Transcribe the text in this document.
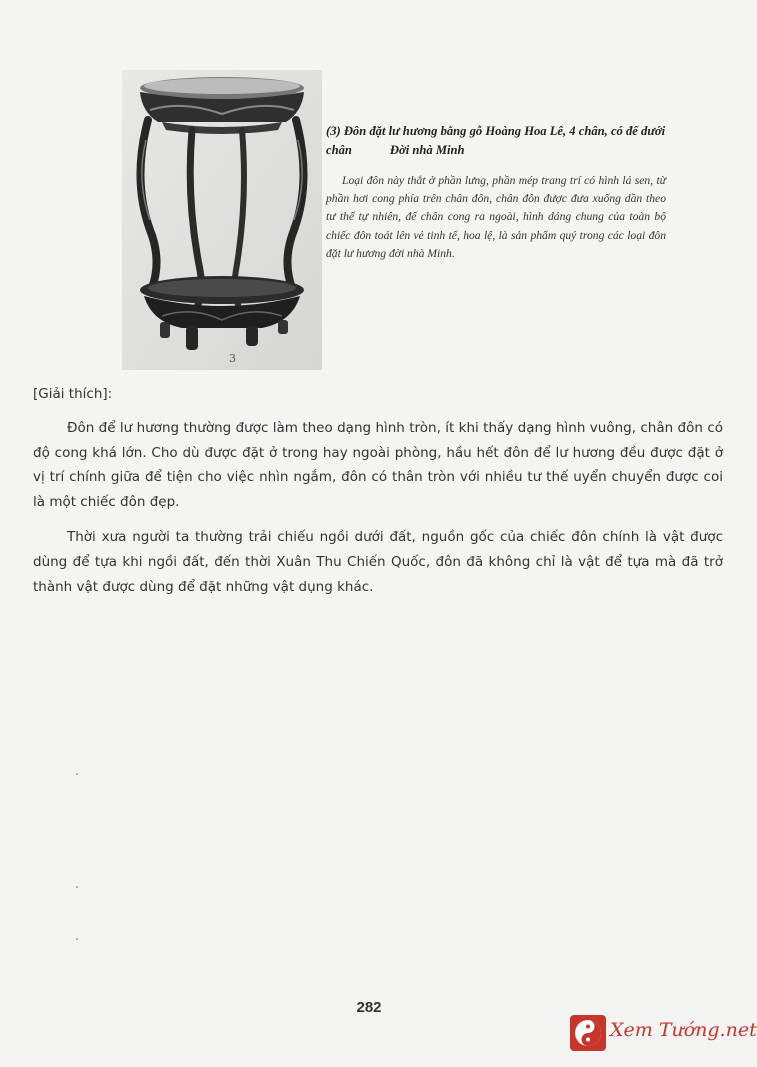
3

(3) Đôn đặt lư hương bằng gỗ Hoàng Hoa Lê, 4 chân, có đế dưới chân	Đời nhà Minh

Loại đôn này thắt ở phần lưng, phần mép trang trí có hình lá sen, từ phần hơi cong phía trên chân đôn, chân đôn được đưa xuống dần theo tư thế tự nhiên, đế chân cong ra ngoài, hình dáng chung của toàn bộ chiếc đôn toát lên vẻ tinh tế, hoa lệ, là sản phẩm quý trong các loại đôn đặt lư hương đời nhà Minh.

[Giải thích]:

Đôn để lư hương thường được làm theo dạng hình tròn, ít khi thấy dạng hình vuông, chân đôn có độ cong khá lớn. Cho dù được đặt ở trong hay ngoài phòng, hầu hết đôn để lư hương đều được đặt ở vị trí chính giữa để tiện cho việc nhìn ngắm, đôn có thân tròn với nhiều tư thế uyển chuyển được coi là một chiếc đôn đẹp.

Thời xưa người ta thường trải chiếu ngồi dưới đất, nguồn gốc của chiếc đôn chính là vật được dùng để tựa khi ngồi đất, đến thời Xuân Thu Chiến Quốc, đôn đã không chỉ là vật để tựa mà đã trở thành vật được dùng để đặt những vật dụng khác.

282
Xem Tướng.net
